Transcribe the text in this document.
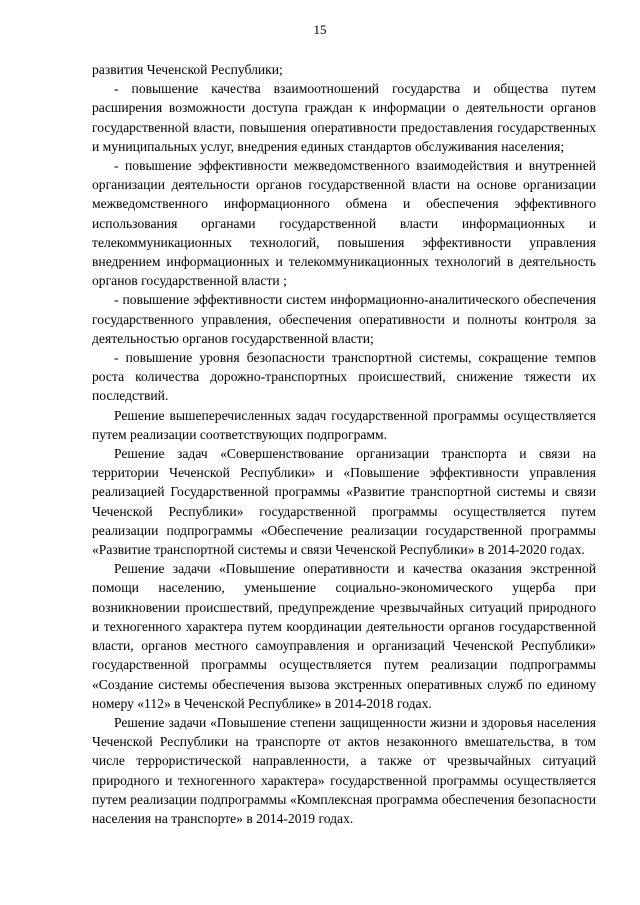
15

развития Чеченской Республики;

- повышение качества взаимоотношений государства и общества путем расширения возможности доступа граждан к информации о деятельности органов государственной власти, повышения оперативности предоставления государственных и муниципальных услуг, внедрения единых стандартов обслуживания населения;

- повышение эффективности межведомственного взаимодействия и внутренней организации деятельности органов государственной власти на основе организации межведомственного информационного обмена и обеспечения эффективного использования органами государственной власти информационных и телекоммуникационных технологий, повышения эффективности управления внедрением информационных и телекоммуникационных технологий в деятельность органов государственной власти ;

- повышение эффективности систем информационно-аналитического обеспечения государственного управления, обеспечения оперативности и полноты контроля за деятельностью органов государственной власти;

- повышение уровня безопасности транспортной системы, сокращение темпов роста количества дорожно-транспортных происшествий, снижение тяжести их последствий.

Решение вышеперечисленных задач государственной программы осуществляется путем реализации соответствующих подпрограмм.

Решение задач «Совершенствование организации транспорта и связи на территории Чеченской Республики» и «Повышение эффективности управления реализацией Государственной программы «Развитие транспортной системы и связи Чеченской Республики» государственной программы осуществляется путем реализации подпрограммы «Обеспечение реализации государственной программы «Развитие транспортной системы и связи Чеченской Республики» в 2014-2020 годах.

Решение задачи «Повышение оперативности и качества оказания экстренной помощи населению, уменьшение социально-экономического ущерба при возникновении происшествий, предупреждение чрезвычайных ситуаций природного и техногенного характера путем координации деятельности органов государственной власти, органов местного самоуправления и организаций Чеченской Республики» государственной программы осуществляется путем реализации подпрограммы «Создание системы обеспечения вызова экстренных оперативных служб по единому номеру «112» в Чеченской Республике» в 2014-2018 годах.

Решение задачи «Повышение степени защищенности жизни и здоровья населения Чеченской Республики на транспорте от актов незаконного вмешательства, в том числе террористической направленности, а также от чрезвычайных ситуаций природного и техногенного характера» государственной программы осуществляется путем реализации подпрограммы «Комплексная программа обеспечения безопасности населения на транспорте» в 2014-2019 годах.
